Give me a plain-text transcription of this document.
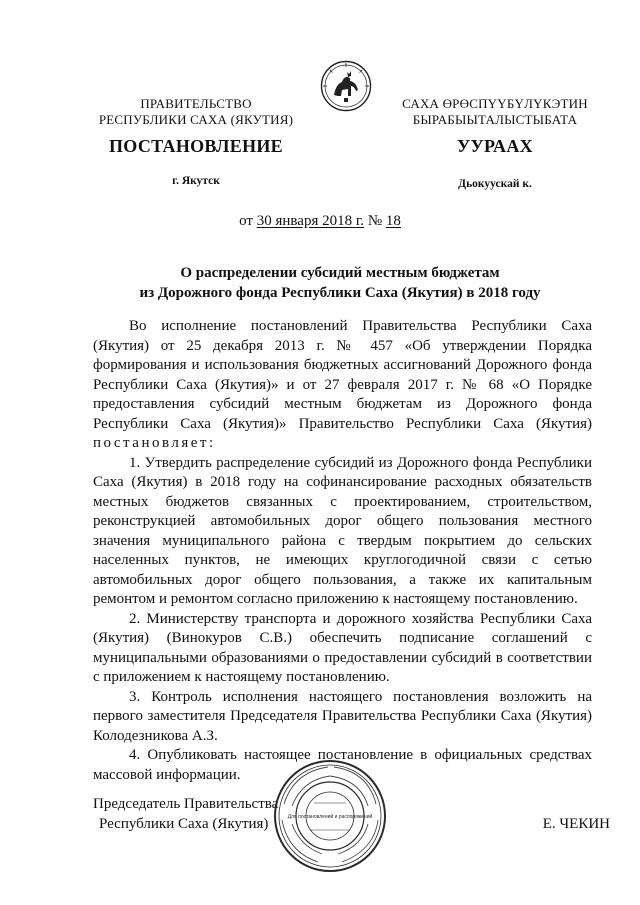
ПРАВИТЕЛЬСТВО
РЕСПУБЛИКИ САХА (ЯКУТИЯ)
САХА ӨРӨСПҮҮБҮЛҮКЭТИН
БЫРАБЫЫТАЛЫСТЫБАТА
ПОСТАНОВЛЕНИЕ	УУРААХ
г. Якутск	Дьокуускай к.
от 30 января 2018 г. № 18
О распределении субсидий местным бюджетам
из Дорожного фонда Республики Саха (Якутия) в 2018 году

Во исполнение постановлений Правительства Республики Саха (Якутия) от 25 декабря 2013 г. № 457 «Об утверждении Порядка формирования и использования бюджетных ассигнований Дорожного фонда Республики Саха (Якутия)» и от 27 февраля 2017 г. № 68 «О Порядке предоставления субсидий местным бюджетам из Дорожного фонда Республики Саха (Якутия)» Правительство Республики Саха (Якутия) постановляет:

1. Утвердить распределение субсидий из Дорожного фонда Республики Саха (Якутия) в 2018 году на софинансирование расходных обязательств местных бюджетов связанных с проектированием, строительством, реконструкцией автомобильных дорог общего пользования местного значения муниципального района с твердым покрытием до сельских населенных пунктов, не имеющих круглогодичной связи с сетью автомобильных дорог общего пользования, а также их капитальным ремонтом и ремонтом согласно приложению к настоящему постановлению.

2. Министерству транспорта и дорожного хозяйства Республики Саха (Якутия) (Винокуров С.В.) обеспечить подписание соглашений с муниципальными образованиями о предоставлении субсидий в соответствии с приложением к настоящему постановлению.

3. Контроль исполнения настоящего постановления возложить на первого заместителя Председателя Правительства Республики Саха (Якутия) Колодезникова А.З.

4. Опубликовать настоящее постановление в официальных средствах массовой информации.

Председатель Правительства
Республики Саха (Якутия)	Е. ЧЕКИН
Для постановлений и распоряжений
